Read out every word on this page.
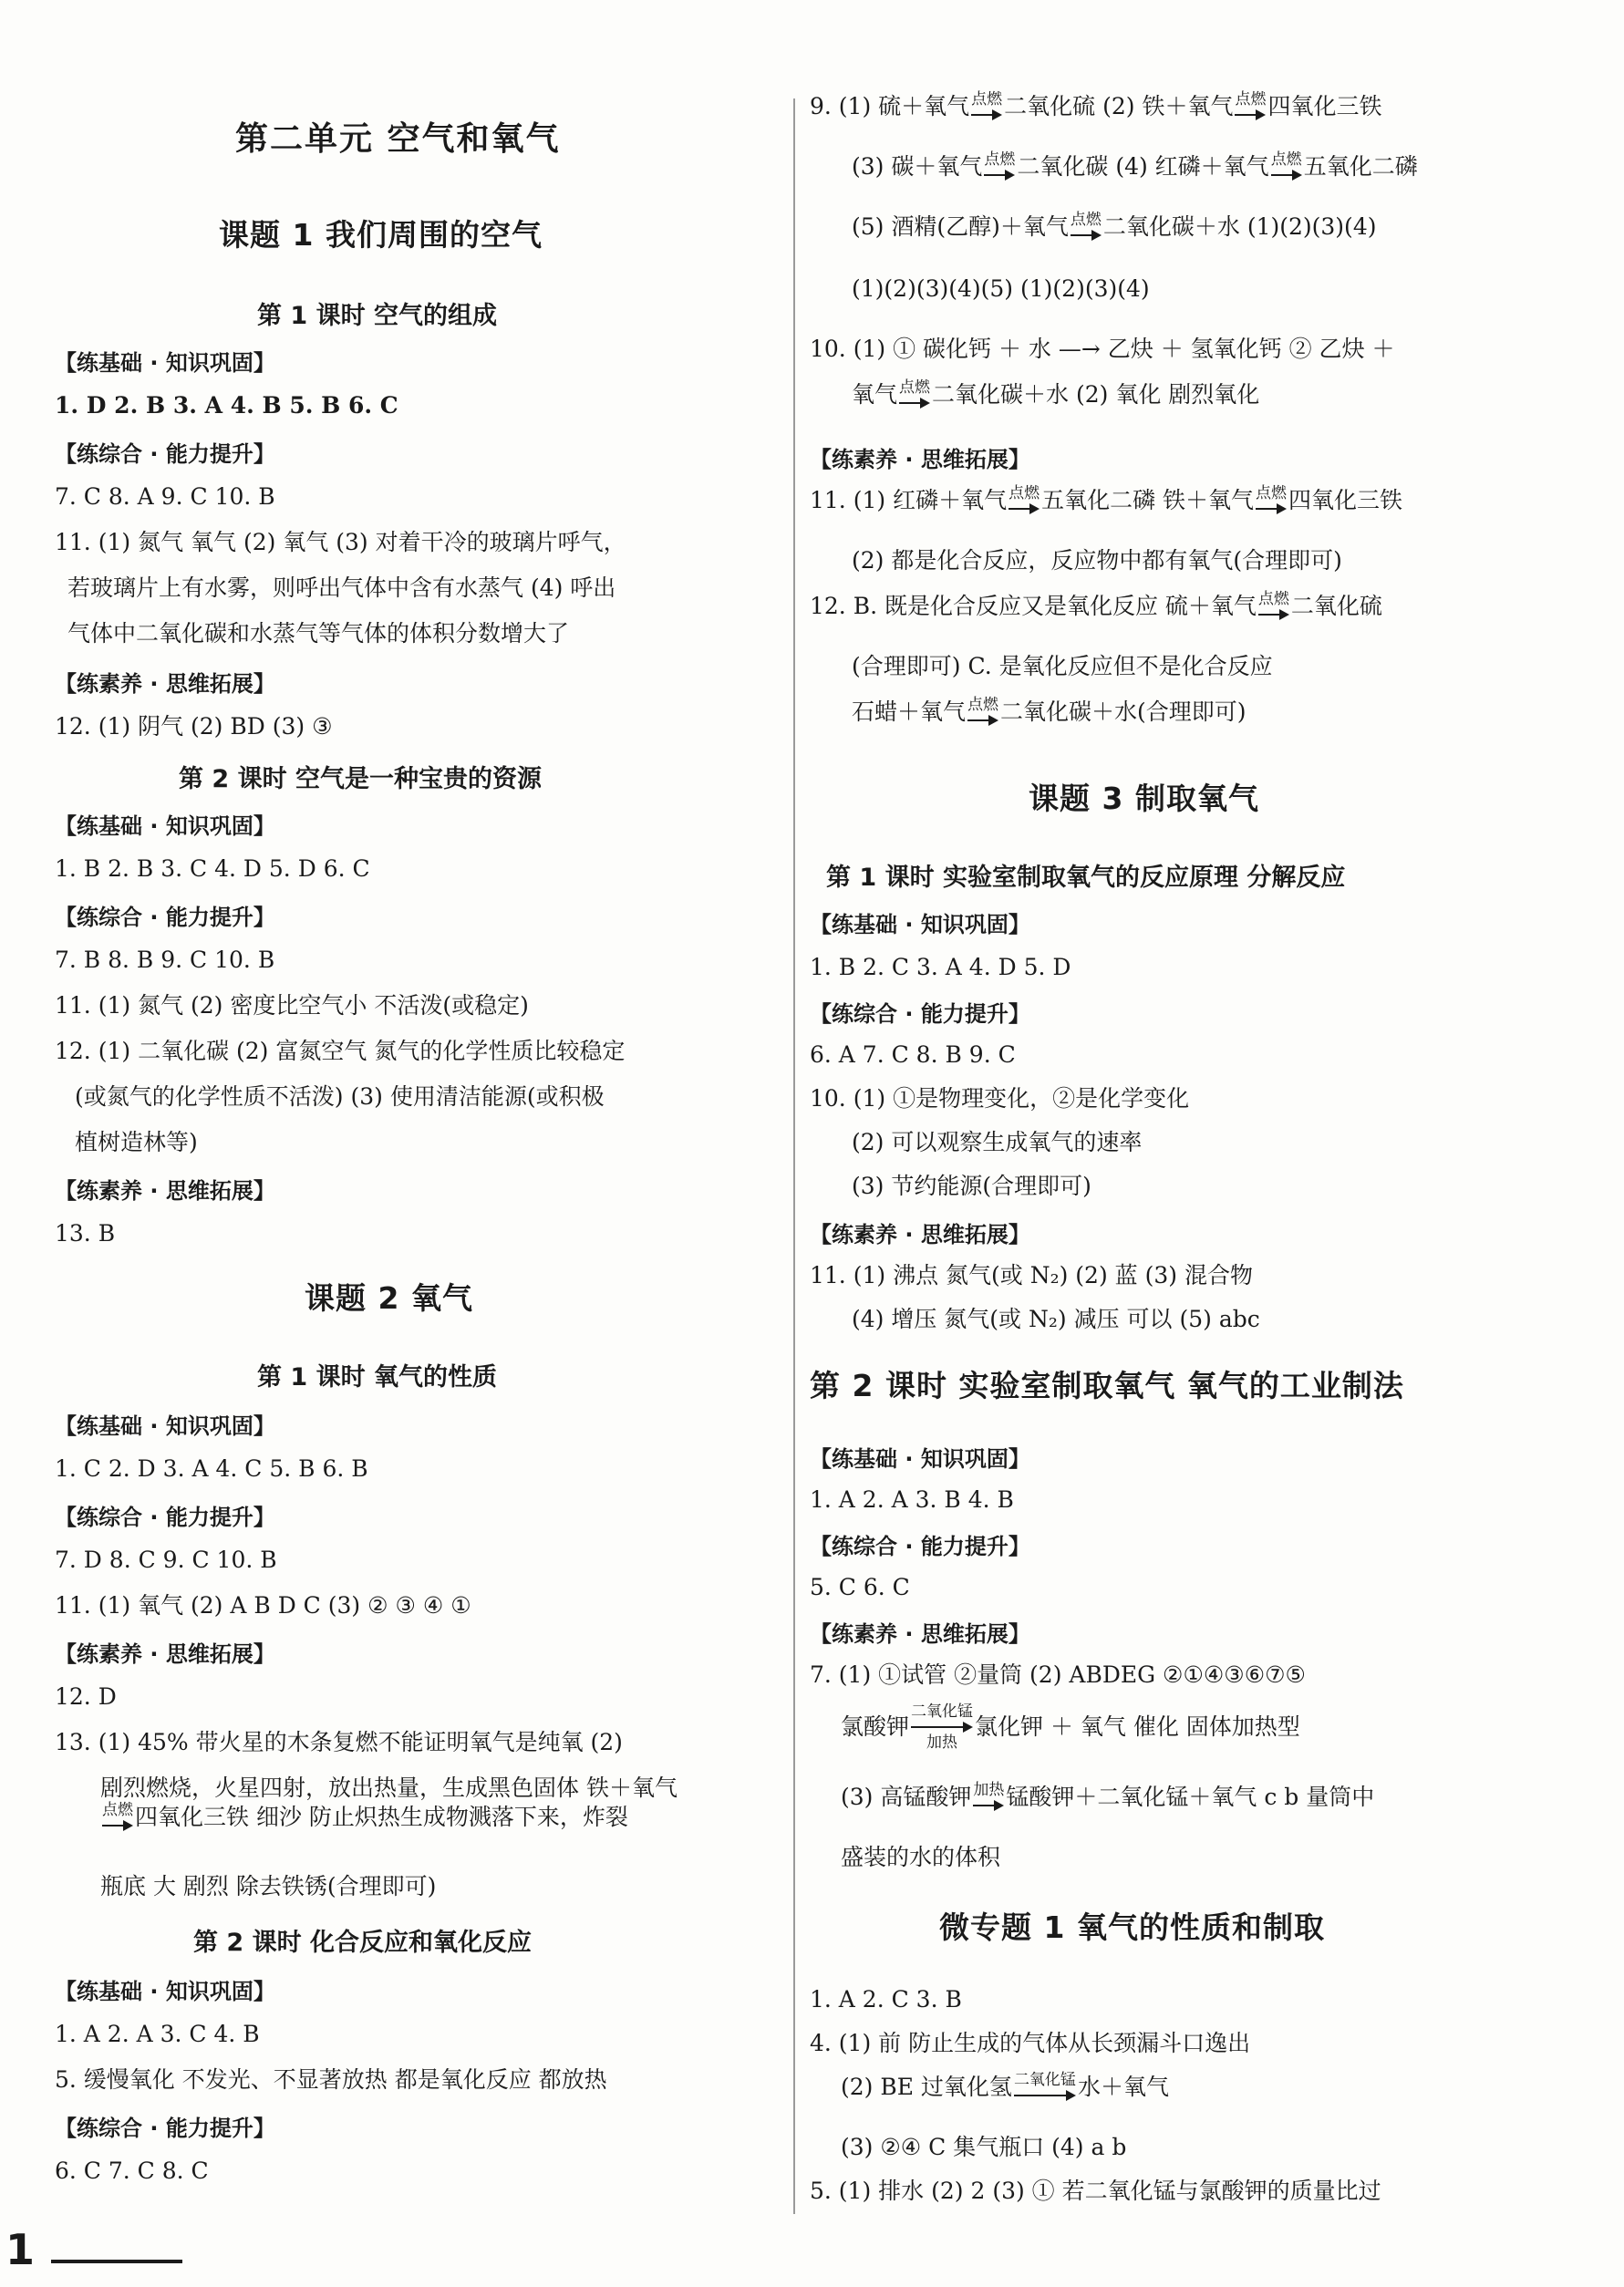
第二单元 空气和氧气
课题 1 我们周围的空气
第 1 课时 空气的组成
【练基础 · 知识巩固】
1. D 2. B 3. A 4. B 5. B 6. C
【练综合 · 能力提升】
7. C 8. A 9. C 10. B
11. (1) 氮气 氧气 (2) 氧气 (3) 对着干冷的玻璃片呼气，
若玻璃片上有水雾，则呼出气体中含有水蒸气 (4) 呼出
气体中二氧化碳和水蒸气等气体的体积分数增大了
【练素养 · 思维拓展】
12. (1) 阴气 (2) BD (3) ③
第 2 课时 空气是一种宝贵的资源
【练基础 · 知识巩固】
1. B 2. B 3. C 4. D 5. D 6. C
【练综合 · 能力提升】
7. B 8. B 9. C 10. B
11. (1) 氮气 (2) 密度比空气小 不活泼(或稳定)
12. (1) 二氧化碳 (2) 富氮空气 氮气的化学性质比较稳定
(或氮气的化学性质不活泼) (3) 使用清洁能源(或积极
植树造林等)
【练素养 · 思维拓展】
13. B
课题 2 氧气
第 1 课时 氧气的性质
【练基础 · 知识巩固】
1. C 2. D 3. A 4. C 5. B 6. B
【练综合 · 能力提升】
7. D 8. C 9. C 10. B
11. (1) 氧气 (2) A B D C (3) ② ③ ④ ①
【练素养 · 思维拓展】
12. D
13. (1) 45% 带火星的木条复燃不能证明氧气是纯氧 (2)
剧烈燃烧，火星四射，放出热量，生成黑色固体 铁＋氧气
点燃 四氧化三铁 细沙 防止炽热生成物溅落下来，炸裂
瓶底 大 剧烈 除去铁锈(合理即可)
第 2 课时 化合反应和氧化反应
【练基础 · 知识巩固】
1. A 2. A 3. C 4. B
5. 缓慢氧化 不发光、不显著放热 都是氧化反应 都放热
【练综合 · 能力提升】
6. C 7. C 8. C
9. (1) 硫＋氧气 点燃 二氧化硫 (2) 铁＋氧气 点燃 四氧化三铁
(3) 碳＋氧气 点燃 二氧化碳 (4) 红磷＋氧气 点燃 五氧化二磷
(5) 酒精(乙醇)＋氧气 点燃 二氧化碳＋水 (1)(2)(3)(4)
(1)(2)(3)(4)(5) (1)(2)(3)(4)
10. (1) ① 碳化钙 ＋ 水 —→ 乙炔 ＋ 氢氧化钙 ② 乙炔 ＋
氧气 点燃 二氧化碳＋水 (2) 氧化 剧烈氧化
【练素养 · 思维拓展】
11. (1) 红磷＋氧气 点燃 五氧化二磷 铁＋氧气 点燃 四氧化三铁
(2) 都是化合反应，反应物中都有氧气(合理即可)
12. B. 既是化合反应又是氧化反应 硫＋氧气 点燃 二氧化硫
(合理即可) C. 是氧化反应但不是化合反应
石蜡＋氧气 点燃 二氧化碳＋水(合理即可)
课题 3 制取氧气
第 1 课时 实验室制取氧气的反应原理 分解反应
【练基础 · 知识巩固】
1. B 2. C 3. A 4. D 5. D
【练综合 · 能力提升】
6. A 7. C 8. B 9. C
10. (1) ①是物理变化，②是化学变化
(2) 可以观察生成氧气的速率
(3) 节约能源(合理即可)
【练素养 · 思维拓展】
11. (1) 沸点 氮气(或 N₂) (2) 蓝 (3) 混合物
(4) 增压 氮气(或 N₂) 减压 可以 (5) abc
第 2 课时 实验室制取氧气 氧气的工业制法
【练基础 · 知识巩固】
1. A 2. A 3. B 4. B
【练综合 · 能力提升】
5. C 6. C
【练素养 · 思维拓展】
7. (1) ①试管 ②量筒 (2) ABDEG ②①④③⑥⑦⑤
氯酸钾
二氧化锰
加热
氯化钾 ＋ 氧气 催化 固体加热型
(3) 高锰酸钾 加热 锰酸钾＋二氧化锰＋氧气 c b 量筒中
盛装的水的体积
微专题 1 氧气的性质和制取
1. A 2. C 3. B
4. (1) 前 防止生成的气体从长颈漏斗口逸出
(2) BE 过氧化氢 二氧化锰 水＋氧气
(3) ②④ C 集气瓶口 (4) a b
5. (1) 排水 (2) 2 (3) ① 若二氧化锰与氯酸钾的质量比过
1
